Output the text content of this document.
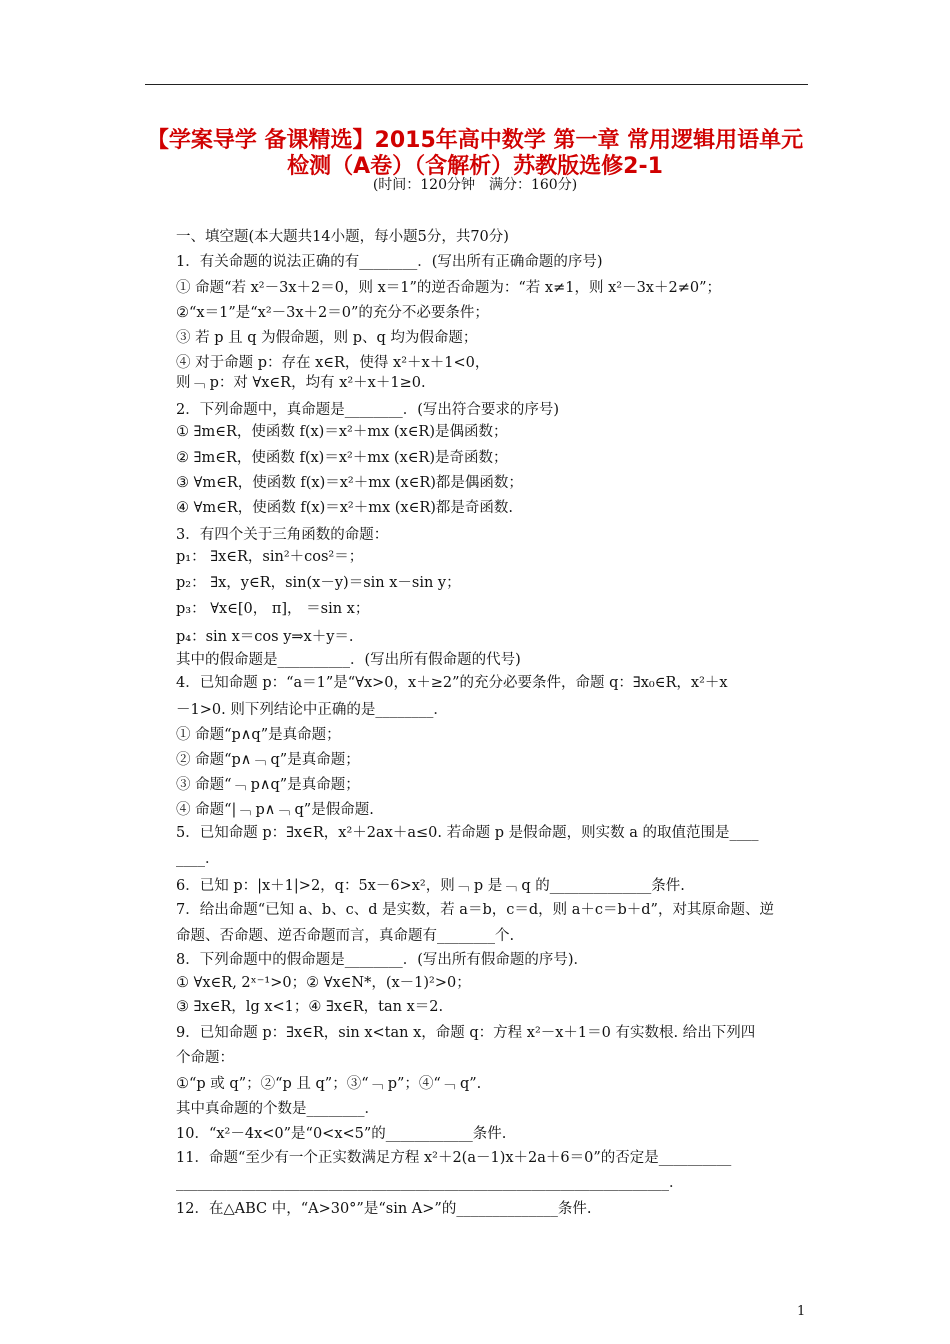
【学案导学 备课精选】2015年高中数学 第一章 常用逻辑用语单元
检测（A卷）（含解析）苏教版选修2-1
(时间：120分钟　满分：160分)
一、填空题(本大题共14小题，每小题5分，共70分)
1．有关命题的说法正确的有________．(写出所有正确命题的序号)
① 命题“若 x²－3x＋2＝0，则 x＝1”的逆否命题为：“若 x≠1，则 x²－3x＋2≠0”；
②“x＝1”是“x²－3x＋2＝0”的充分不必要条件；
③ 若 p 且 q 为假命题，则 p、q 均为假命题；
④ 对于命题 p：存在 x∈R，使得 x²＋x＋1<0，
则﹁ p：对 ∀x∈R，均有 x²＋x＋1≥0.
2．下列命题中，真命题是________．(写出符合要求的序号)
① ∃m∈R，使函数 f(x)＝x²＋mx (x∈R)是偶函数；
② ∃m∈R，使函数 f(x)＝x²＋mx (x∈R)是奇函数；
③ ∀m∈R，使函数 f(x)＝x²＋mx (x∈R)都是偶函数；
④ ∀m∈R，使函数 f(x)＝x²＋mx (x∈R)都是奇函数.
3．有四个关于三角函数的命题：
p₁： ∃x∈R，sin²＋cos²＝；
p₂： ∃x，y∈R，sin(x－y)＝sin x－sin y；
p₃： ∀x∈[0， π]， ＝sin x；
p₄：sin x＝cos y⇒x＋y＝.
其中的假命题是__________．(写出所有假命题的代号)
4．已知命题 p：“a＝1”是“∀x>0，x＋≥2”的充分必要条件，命题 q：∃x₀∈R，x²＋x
－1>0. 则下列结论中正确的是________．
① 命题“p∧q”是真命题；
② 命题“p∧﹁ q”是真命题；
③ 命题“﹁ p∧q”是真命题；
④ 命题“|﹁ p∧﹁ q”是假命题.
5．已知命题 p：∃x∈R，x²＋2ax＋a≤0. 若命题 p 是假命题，则实数 a 的取值范围是____
____．
6．已知 p：|x＋1|>2，q：5x－6>x²，则﹁ p 是﹁ q 的______________条件.
7．给出命题“已知 a、b、c、d 是实数，若 a＝b，c＝d，则 a＋c＝b＋d”，对其原命题、逆
命题、否命题、逆否命题而言，真命题有________个.
8．下列命题中的假命题是________．(写出所有假命题的序号)．
① ∀x∈R, 2ˣ⁻¹>0；② ∀x∈N*，(x－1)²>0；
③ ∃x∈R，lg x<1；④ ∃x∈R，tan x＝2.
9．已知命题 p：∃x∈R，sin x<tan x，命题 q：方程 x²－x＋1＝0 有实数根. 给出下列四
个命题：
①“p 或 q”；②“p 且 q”；③“﹁ p”；④“﹁ q”.
其中真命题的个数是________．
10．“x²－4x<0”是“0<x<5”的____________条件.
11．命题“至少有一个正实数满足方程 x²＋2(a－1)x＋2a＋6＝0”的否定是__________
____________________________________________________________________．
12．在△ABC 中，“A>30°”是“sin A>”的______________条件.
1
